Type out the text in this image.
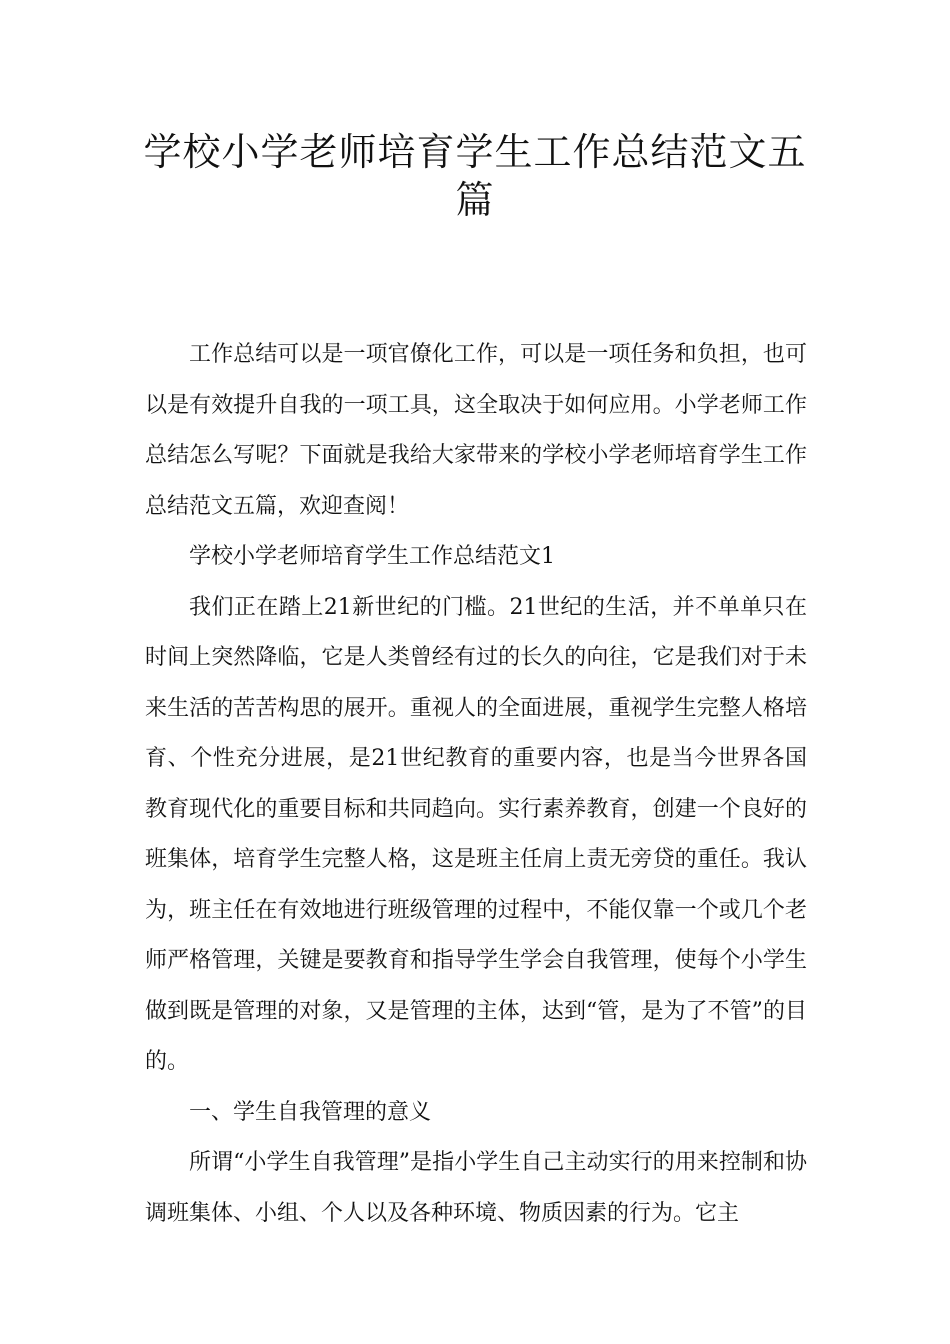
学校小学老师培育学生工作总结范文五篇

工作总结可以是一项官僚化工作，可以是一项任务和负担，也可以是有效提升自我的一项工具，这全取决于如何应用。小学老师工作总结怎么写呢？下面就是我给大家带来的学校小学老师培育学生工作总结范文五篇，欢迎查阅！

学校小学老师培育学生工作总结范文1

我们正在踏上21新世纪的门槛。21世纪的生活，并不单单只在时间上突然降临，它是人类曾经有过的长久的向往，它是我们对于未来生活的苦苦构思的展开。重视人的全面进展，重视学生完整人格培育、个性充分进展，是21世纪教育的重要内容，也是当今世界各国教育现代化的重要目标和共同趋向。实行素养教育，创建一个良好的班集体，培育学生完整人格，这是班主任肩上责无旁贷的重任。我认为，班主任在有效地进行班级管理的过程中，不能仅靠一个或几个老师严格管理，关键是要教育和指导学生学会自我管理，使每个小学生做到既是管理的对象，又是管理的主体，达到“管，是为了不管”的目的。

一、学生自我管理的意义

所谓“小学生自我管理”是指小学生自己主动实行的用来控制和协调班集体、小组、个人以及各种环境、物质因素的行为。它主
